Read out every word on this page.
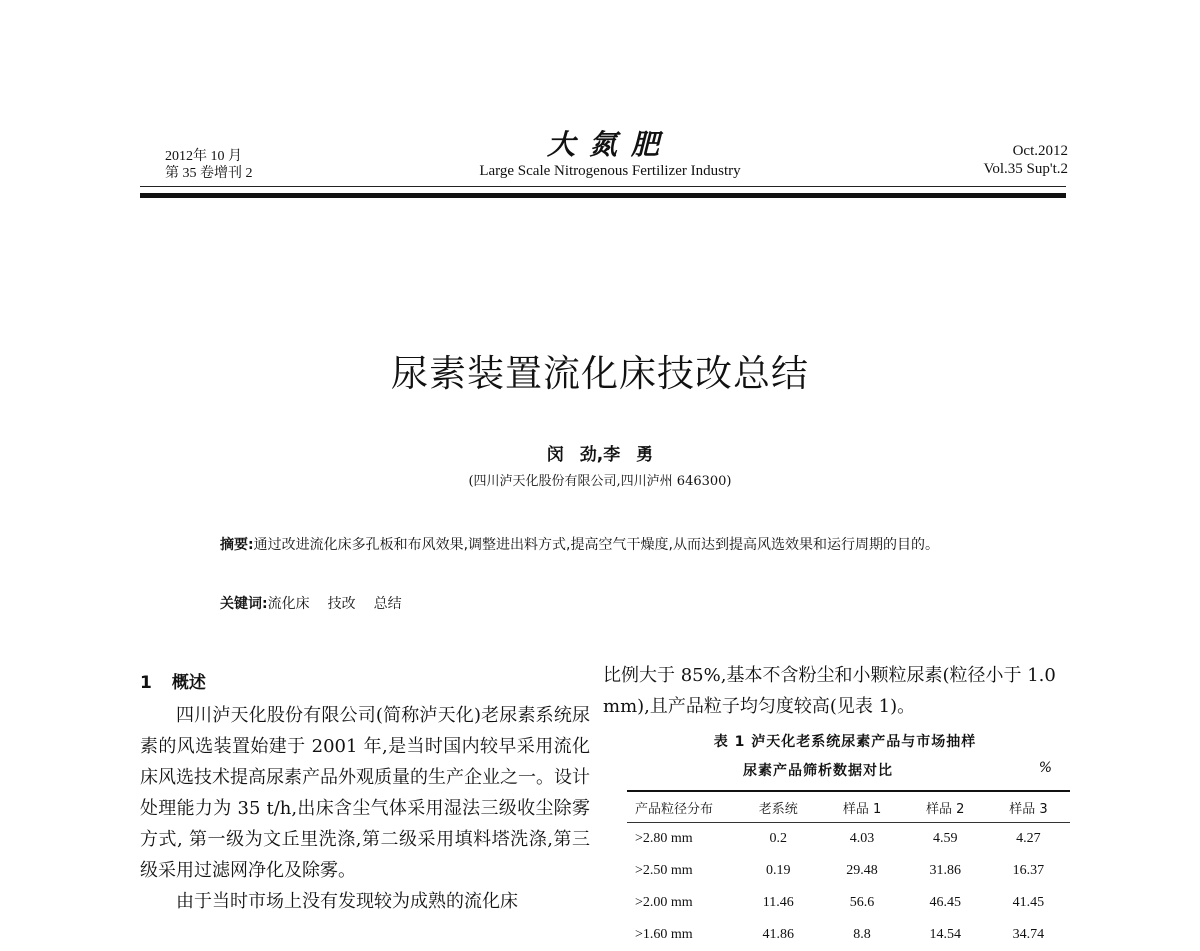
2012年 10 月
第 35 卷增刊 2
大氮肥
Large Scale Nitrogenous Fertilizer Industry
Oct.2012
Vol.35 Sup't.2
尿素装置流化床技改总结
闵 劲,李 勇
(四川泸天化股份有限公司,四川泸州 646300)
摘要:通过改进流化床多孔板和布风效果,调整进出料方式,提高空气干燥度,从而达到提高风选效果和运行周期的目的。
关键词:流化床 技改 总结
1 概述

四川泸天化股份有限公司(简称泸天化)老尿素系统尿素的风选装置始建于 2001 年,是当时国内较早采用流化床风选技术提高尿素产品外观质量的生产企业之一。设计处理能力为 35 t/h,出床含尘气体采用湿法三级收尘除雾方式, 第一级为文丘里洗涤,第二级采用填料塔洗涤,第三级采用过滤网净化及除雾。

由于当时市场上没有发现较为成熟的流化床

比例大于 85%,基本不含粉尘和小颗粒尿素(粒径小于 1.0 mm),且产品粒子均匀度较高(见表 1)。
表 1 泸天化老系统尿素产品与市场抽样
尿素产品筛析数据对比	%
产品粒径分布	老系统	样品 1	样品 2	样品 3
>2.80 mm	0.2	4.03	4.59	4.27
>2.50 mm	0.19	29.48	31.86	16.37
>2.00 mm	11.46	56.6	46.45	41.45
>1.60 mm	41.86	8.8	14.54	34.74
